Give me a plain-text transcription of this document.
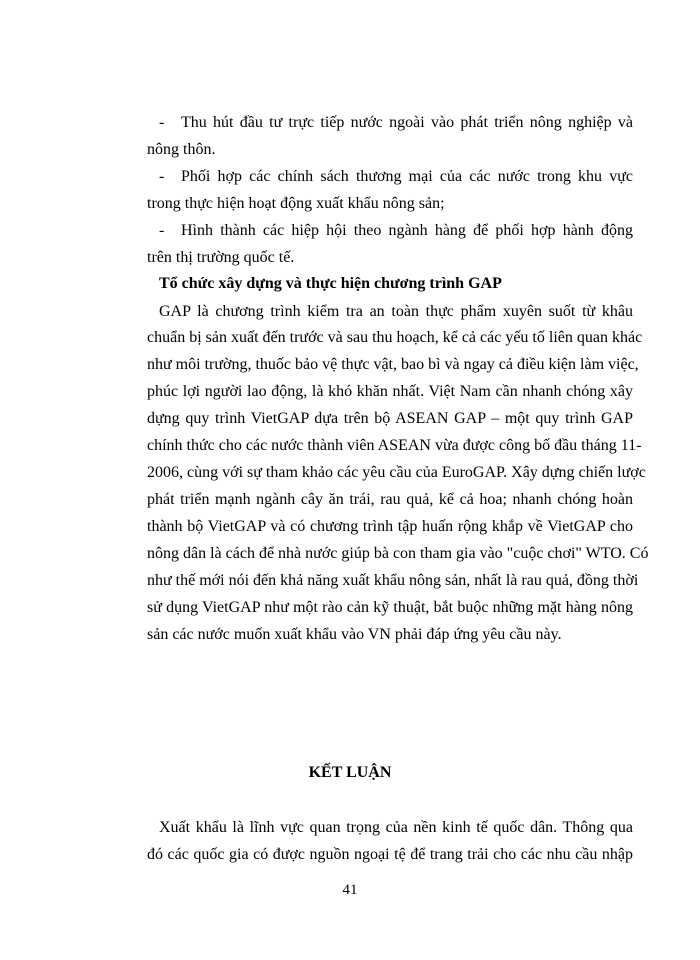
- Thu hút đầu tư trực tiếp nước ngoài vào phát triển nông nghiệp và
nông thôn.
- Phối hợp các chính sách thương mại của các nước trong khu vực
trong thực hiện hoạt động xuất khẩu nông sản;
- Hình thành các hiệp hội theo ngành hàng để phối hợp hành động
trên thị trường quốc tế.
Tổ chức xây dựng và thực hiện chương trình GAP
GAP là chương trình kiểm tra an toàn thực phẩm xuyên suốt từ khâu
chuẩn bị sản xuất đến trước và sau thu hoạch, kể cả các yếu tố liên quan khác
như môi trường, thuốc bảo vệ thực vật, bao bì và ngay cả điều kiện làm việc,
phúc lợi người lao động, là khó khăn nhất. Việt Nam cần nhanh chóng xây
dựng quy trình VietGAP dựa trên bộ ASEAN GAP – một quy trình GAP
chính thức cho các nước thành viên ASEAN vừa được công bố đầu tháng 11-
2006, cùng với sự tham khảo các yêu cầu của EuroGAP. Xây dựng chiến lược
phát triển mạnh ngành cây ăn trái, rau quả, kể cả hoa; nhanh chóng hoàn
thành bộ VietGAP và có chương trình tập huấn rộng khắp về VietGAP cho
nông dân là cách để nhà nước giúp bà con tham gia vào "cuộc chơi" WTO. Có
như thế mới nói đến khả năng xuất khẩu nông sản, nhất là rau quả, đồng thời
sử dụng VietGAP như một rào cản kỹ thuật, bắt buộc những mặt hàng nông
sản các nước muốn xuất khẩu vào VN phải đáp ứng yêu cầu này.
KẾT LUẬN
Xuất khẩu là lĩnh vực quan trọng của nền kinh tế quốc dân. Thông qua
đó các quốc gia có được nguồn ngoại tệ để trang trải cho các nhu cầu nhập
41
